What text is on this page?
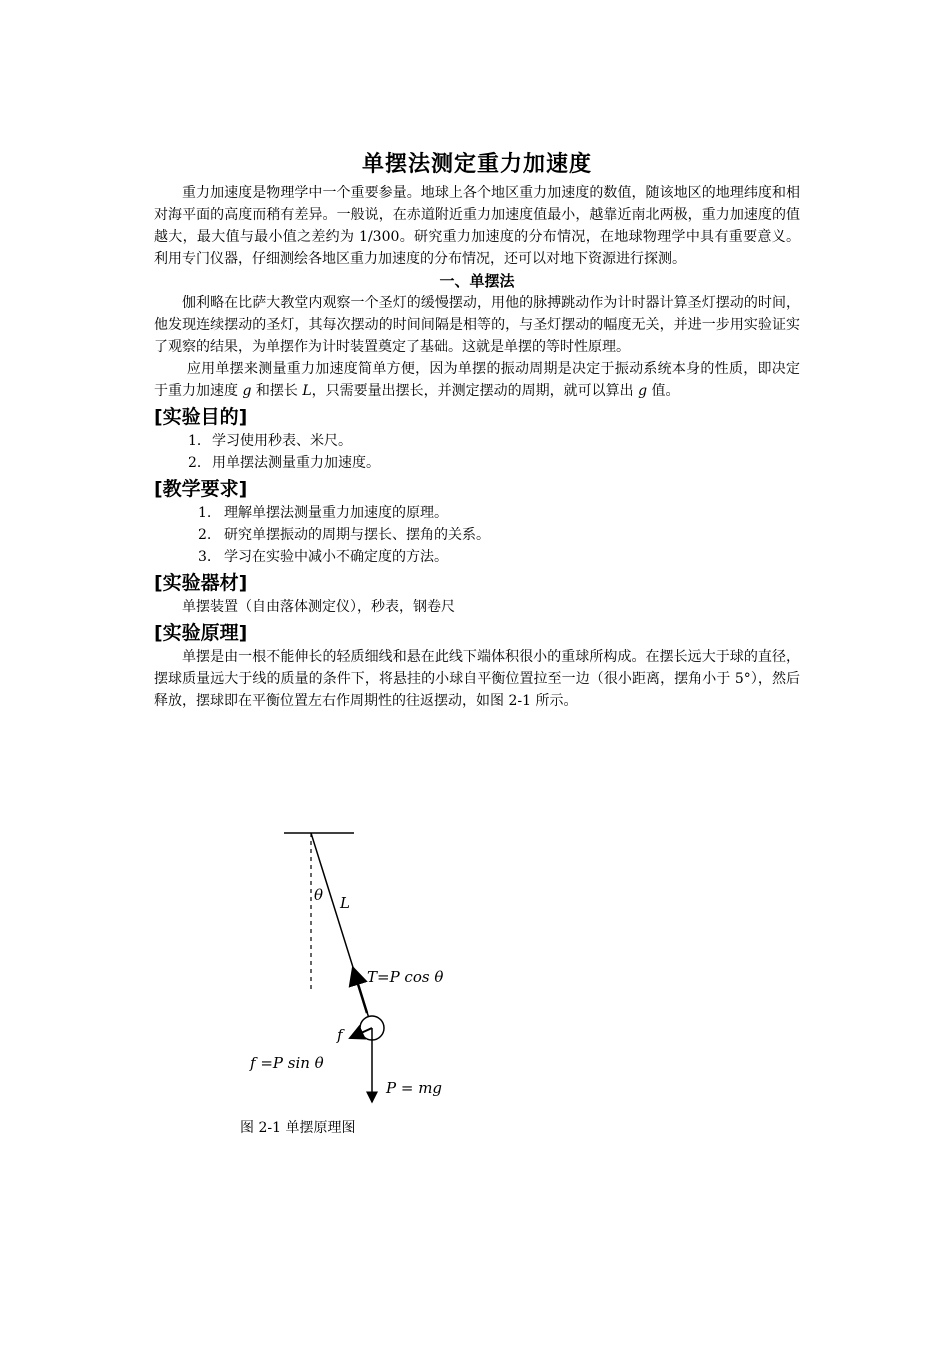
单摆法测定重力加速度

重力加速度是物理学中一个重要参量。地球上各个地区重力加速度的数值，随该地区的地理纬度和相对海平面的高度而稍有差异。一般说，在赤道附近重力加速度值最小，越靠近南北两极，重力加速度的值越大，最大值与最小值之差约为 1/300。研究重力加速度的分布情况，在地球物理学中具有重要意义。利用专门仪器，仔细测绘各地区重力加速度的分布情况，还可以对地下资源进行探测。

一、单摆法

伽利略在比萨大教堂内观察一个圣灯的缓慢摆动，用他的脉搏跳动作为计时器计算圣灯摆动的时间，他发现连续摆动的圣灯，其每次摆动的时间间隔是相等的，与圣灯摆动的幅度无关，并进一步用实验证实了观察的结果，为单摆作为计时装置奠定了基础。这就是单摆的等时性原理。

应用单摆来测量重力加速度简单方便，因为单摆的振动周期是决定于振动系统本身的性质，即决定于重力加速度 g 和摆长 L，只需要量出摆长，并测定摆动的周期，就可以算出 g 值。

[实验目的]
1．学习使用秒表、米尺。
2．用单摆法测量重力加速度。
[教学要求]
1. 理解单摆法测量重力加速度的原理。
2. 研究单摆振动的周期与摆长、摆角的关系。
3. 学习在实验中减小不确定度的方法。
[实验器材]

单摆装置（自由落体测定仪），秒表，钢卷尺

[实验原理]

单摆是由一根不能伸长的轻质细线和悬在此线下端体积很小的重球所构成。在摆长远大于球的直径，摆球质量远大于线的质量的条件下，将悬挂的小球自平衡位置拉至一边（很小距离，摆角小于 5°），然后释放，摆球即在平衡位置左右作周期性的往返摆动，如图 2-1 所示。

θ L
T=P cos θ
f
f =P sin θ
P = mg
图 2-1 单摆原理图
